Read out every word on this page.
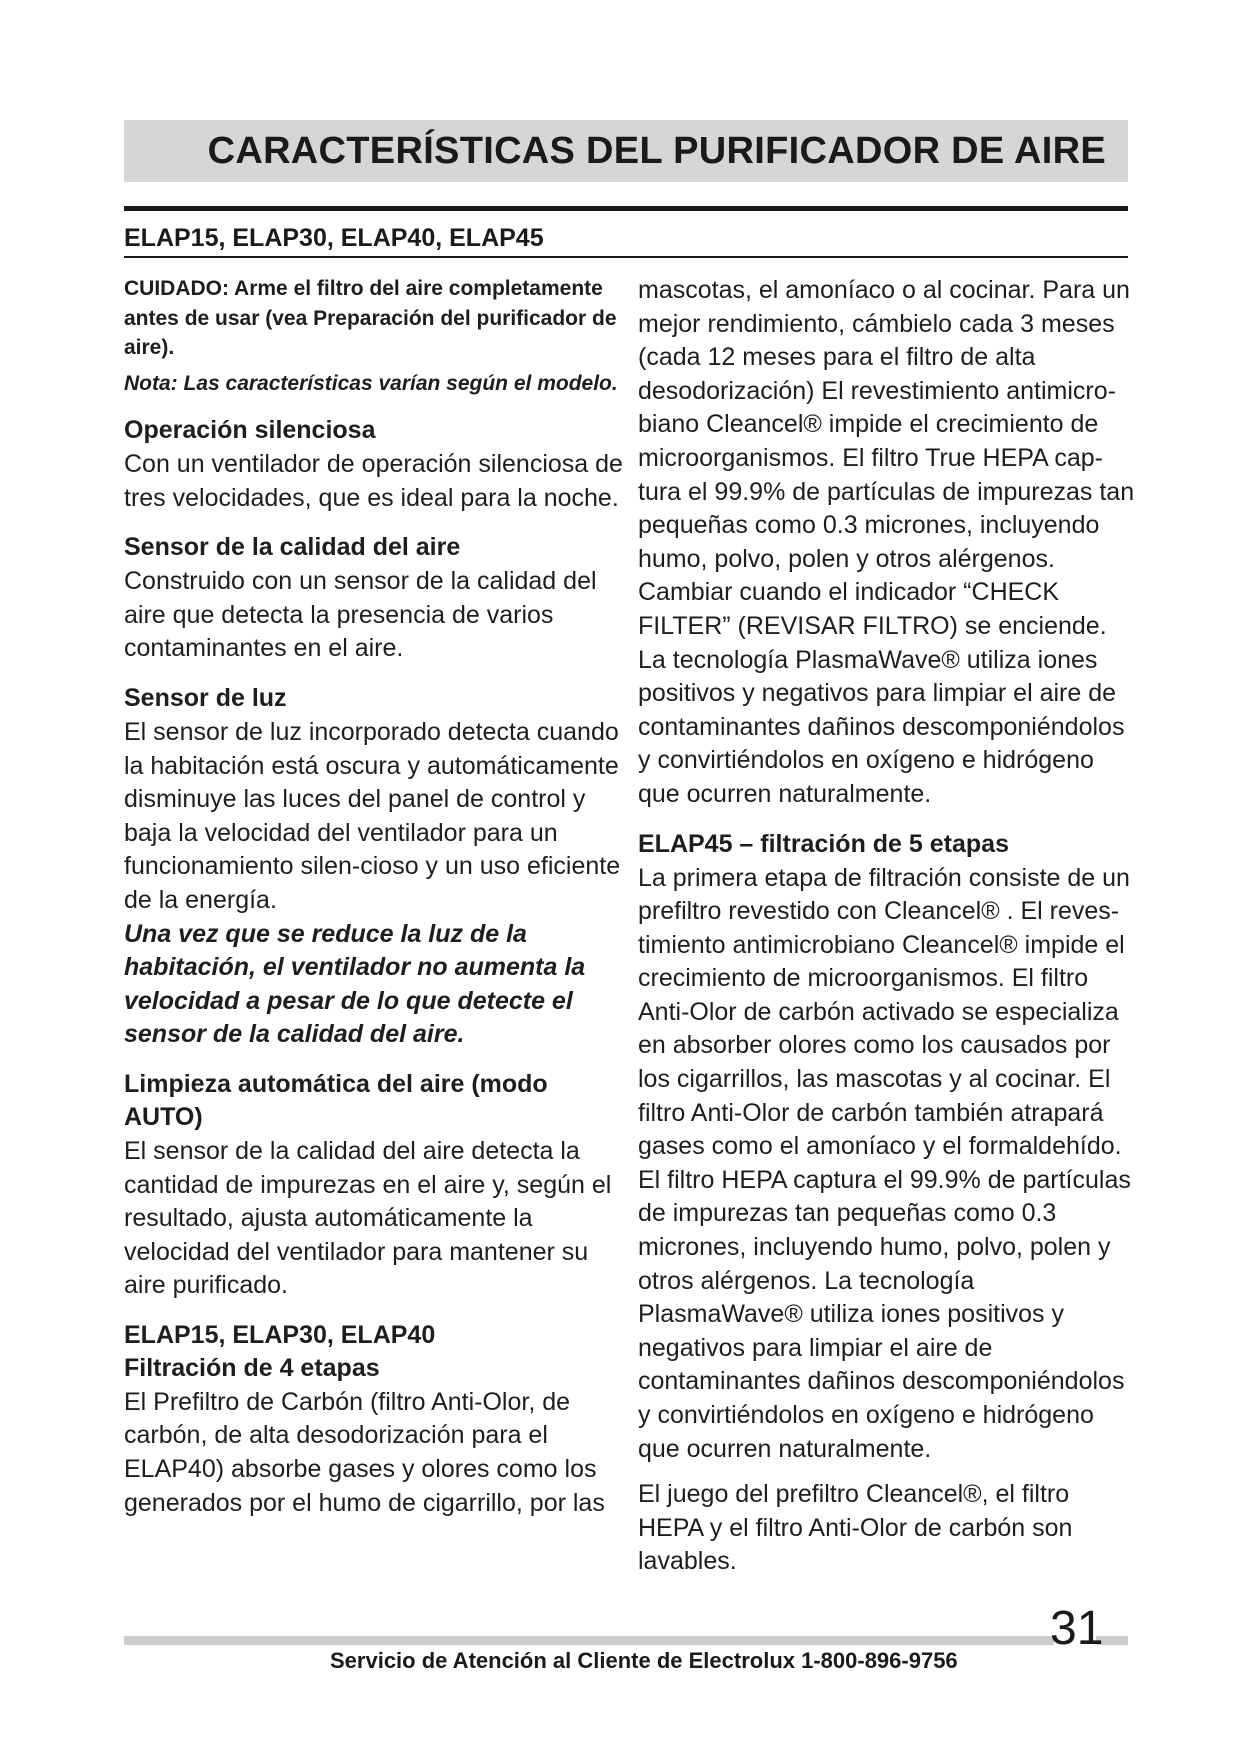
CARACTERÍSTICAS DEL PURIFICADOR DE AIRE
ELAP15, ELAP30, ELAP40, ELAP45

CUIDADO: Arme el filtro del aire completamente antes de usar (vea Preparación del purificador de aire).

Nota: Las características varían según el modelo.

Operación silenciosa

Con un ventilador de operación silenciosa de tres velocidades, que es ideal para la noche.

Sensor de la calidad del aire

Construido con un sensor de la calidad del aire que detecta la presencia de varios contaminantes en el aire.

Sensor de luz

El sensor de luz incorporado detecta cuando la habitación está oscura y automáticamente disminuye las luces del panel de control y baja la velocidad del ventilador para un funcionamiento silen-cioso y un uso eficiente de la energía.

Una vez que se reduce la luz de la habitación, el ventilador no aumenta la velocidad a pesar de lo que detecte el sensor de la calidad del aire.

Limpieza automática del aire (modo AUTO)

El sensor de la calidad del aire detecta la cantidad de impurezas en el aire y, según el resultado, ajusta automáticamente la velocidad del ventilador para mantener su aire purificado.

ELAP15, ELAP30, ELAP40
Filtración de 4 etapas

El Prefiltro de Carbón (filtro Anti-Olor, de carbón, de alta desodorización para el ELAP40) absorbe gases y olores como los generados por el humo de cigarrillo, por las

mascotas, el amoníaco o al cocinar. Para un mejor rendimiento, cámbielo cada 3 meses (cada 12 meses para el filtro de alta desodorización) El revestimiento antimicro-biano Cleancel® impide el crecimiento de microorganismos. El filtro True HEPA cap-tura el 99.9% de partículas de impurezas tan pequeñas como 0.3 micrones, incluyendo humo, polvo, polen y otros alérgenos. Cambiar cuando el indicador “CHECK FILTER” (REVISAR FILTRO) se enciende. La tecnología PlasmaWave® utiliza iones positivos y negativos para limpiar el aire de contaminantes dañinos descomponiéndolos y convirtiéndolos en oxígeno e hidrógeno que ocurren naturalmente.

ELAP45 – filtración de 5 etapas

La primera etapa de filtración consiste de un prefiltro revestido con Cleancel® . El reves-timiento antimicrobiano Cleancel® impide el crecimiento de microorganismos. El filtro Anti-Olor de carbón activado se especializa en absorber olores como los causados por los cigarrillos, las mascotas y al cocinar. El filtro Anti-Olor de carbón también atrapará gases como el amoníaco y el formaldehído. El filtro HEPA captura el 99.9% de partículas de impurezas tan pequeñas como 0.3 micrones, incluyendo humo, polvo, polen y otros alérgenos. La tecnología PlasmaWave® utiliza iones positivos y negativos para limpiar el aire de contaminantes dañinos descomponiéndolos y convirtiéndolos en oxígeno e hidrógeno que ocurren naturalmente.

El juego del prefiltro Cleancel®, el filtro HEPA y el filtro Anti-Olor de carbón son lavables.

Servicio de Atención al Cliente de Electrolux 1-800-896-9756
31
